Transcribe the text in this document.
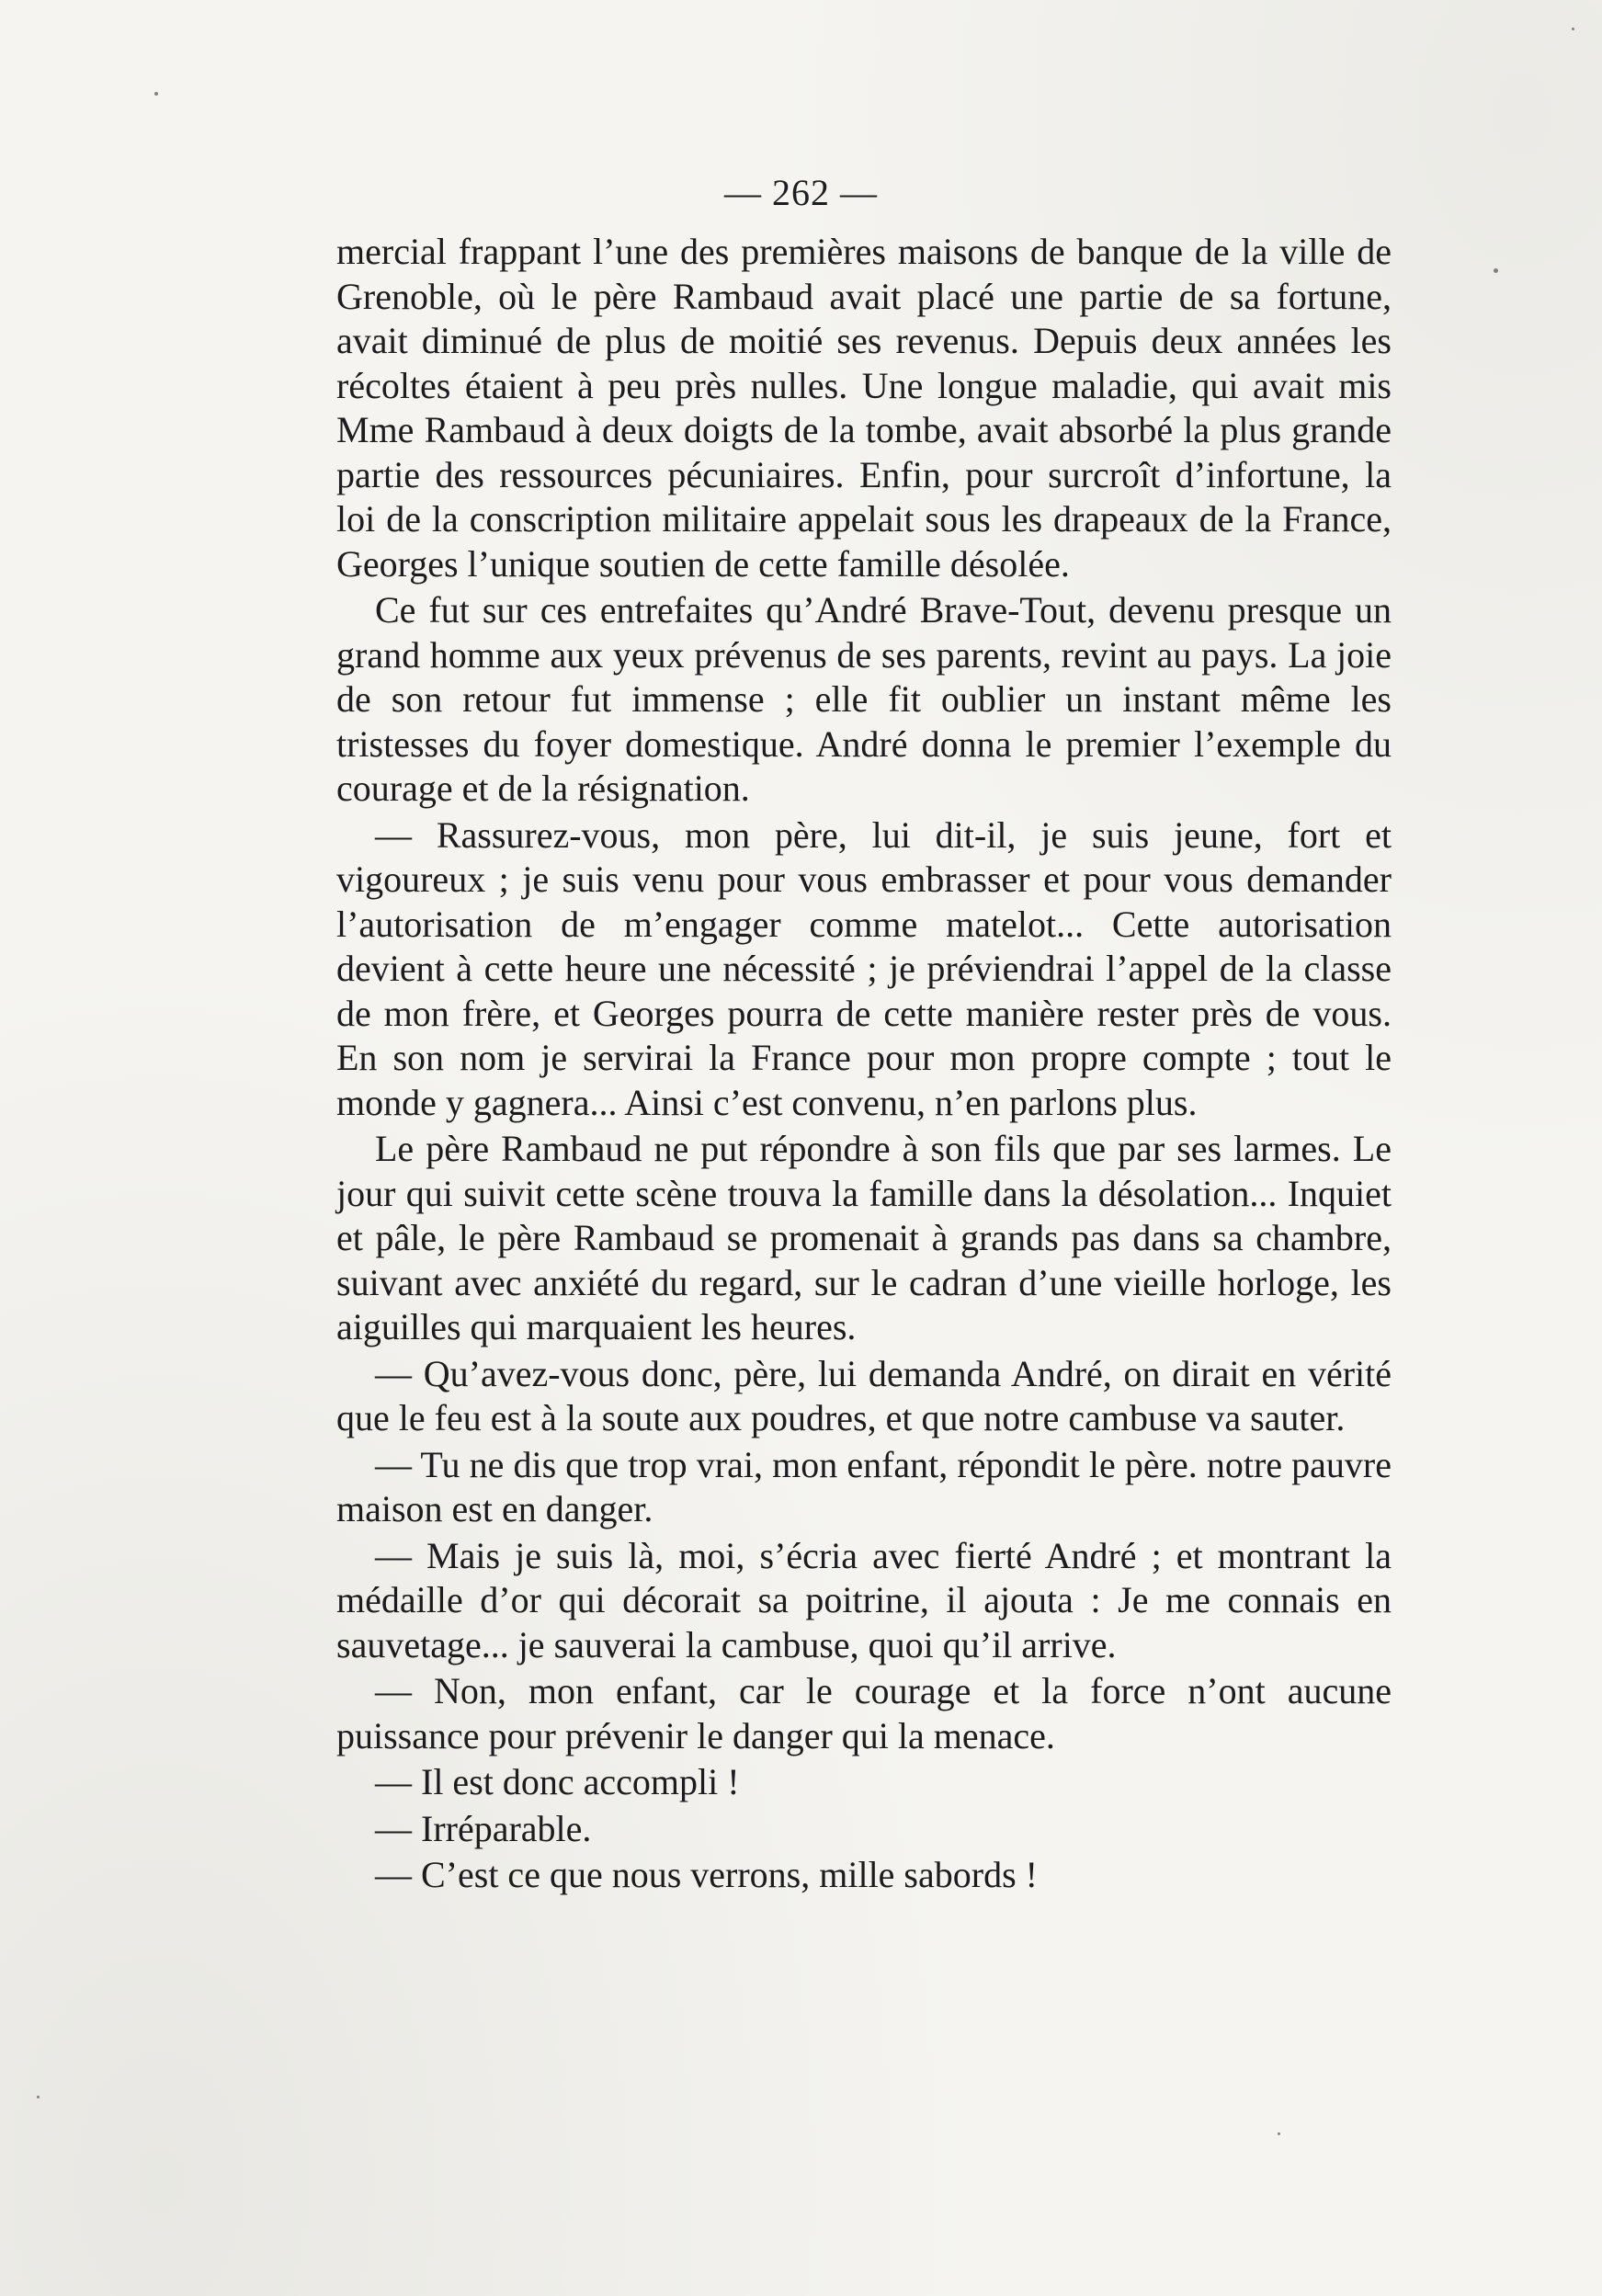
— 262 —

mercial frappant l’une des premières maisons de banque de la ville de Grenoble, où le père Rambaud avait placé une partie de sa fortune, avait diminué de plus de moitié ses revenus. Depuis deux années les récoltes étaient à peu près nulles. Une longue maladie, qui avait mis Mme Rambaud à deux doigts de la tombe, avait absorbé la plus grande partie des ressources pécuniaires. Enfin, pour surcroît d’infortune, la loi de la conscription militaire appelait sous les drapeaux de la France, Georges l’unique soutien de cette famille désolée.

Ce fut sur ces entrefaites qu’André Brave-Tout, devenu presque un grand homme aux yeux prévenus de ses parents, revint au pays. La joie de son retour fut immense ; elle fit oublier un instant même les tristesses du foyer domestique. André donna le premier l’exemple du courage et de la résignation.

— Rassurez-vous, mon père, lui dit-il, je suis jeune, fort et vigoureux ; je suis venu pour vous embrasser et pour vous demander l’autorisation de m’engager comme matelot... Cette autorisation devient à cette heure une nécessité ; je préviendrai l’appel de la classe de mon frère, et Georges pourra de cette manière rester près de vous. En son nom je servirai la France pour mon propre compte ; tout le monde y gagnera... Ainsi c’est convenu, n’en parlons plus.

Le père Rambaud ne put répondre à son fils que par ses larmes. Le jour qui suivit cette scène trouva la famille dans la désolation... Inquiet et pâle, le père Rambaud se promenait à grands pas dans sa chambre, suivant avec anxiété du regard, sur le cadran d’une vieille horloge, les aiguilles qui marquaient les heures.

— Qu’avez-vous donc, père, lui demanda André, on dirait en vérité que le feu est à la soute aux poudres, et que notre cambuse va sauter.

— Tu ne dis que trop vrai, mon enfant, répondit le père. notre pauvre maison est en danger.

— Mais je suis là, moi, s’écria avec fierté André ; et montrant la médaille d’or qui décorait sa poitrine, il ajouta : Je me connais en sauvetage... je sauverai la cambuse, quoi qu’il arrive.

— Non, mon enfant, car le courage et la force n’ont aucune puissance pour prévenir le danger qui la menace.

— Il est donc accompli !

— Irréparable.

— C’est ce que nous verrons, mille sabords !
